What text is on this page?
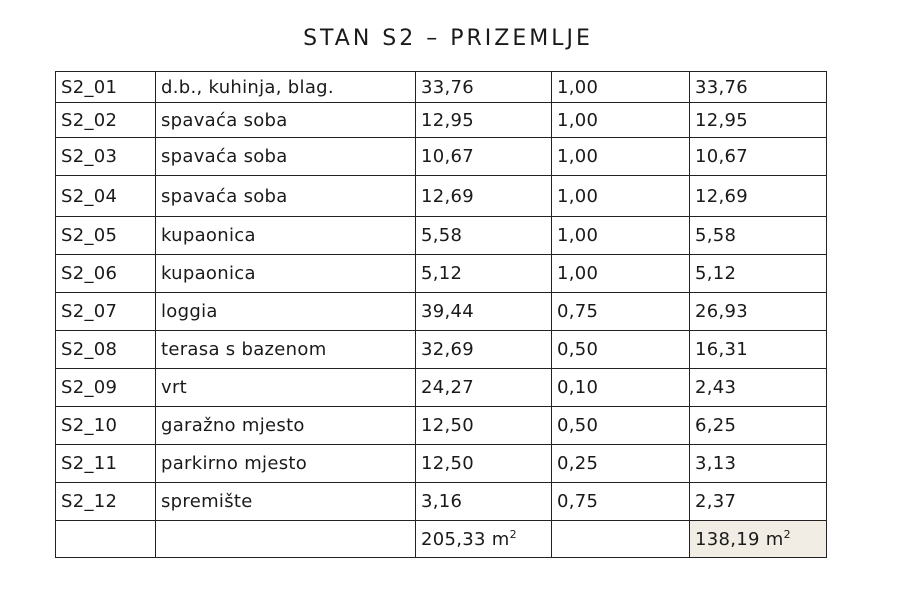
STAN S2 – PRIZEMLJE
S2_01	d.b., kuhinja, blag.	33,76	1,00	33,76
S2_02	spavaća soba	12,95	1,00	12,95
S2_03	spavaća soba	10,67	1,00	10,67
S2_04	spavaća soba	12,69	1,00	12,69
S2_05	kupaonica	5,58	1,00	5,58
S2_06	kupaonica	5,12	1,00	5,12
S2_07	loggia	39,44	0,75	26,93
S2_08	terasa s bazenom	32,69	0,50	16,31
S2_09	vrt	24,27	0,10	2,43
S2_10	garažno mjesto	12,50	0,50	6,25
S2_11	parkirno mjesto	12,50	0,25	3,13
S2_12	spremište	3,16	0,75	2,37
		205,33 $m^2$		138,19 $m^2$
